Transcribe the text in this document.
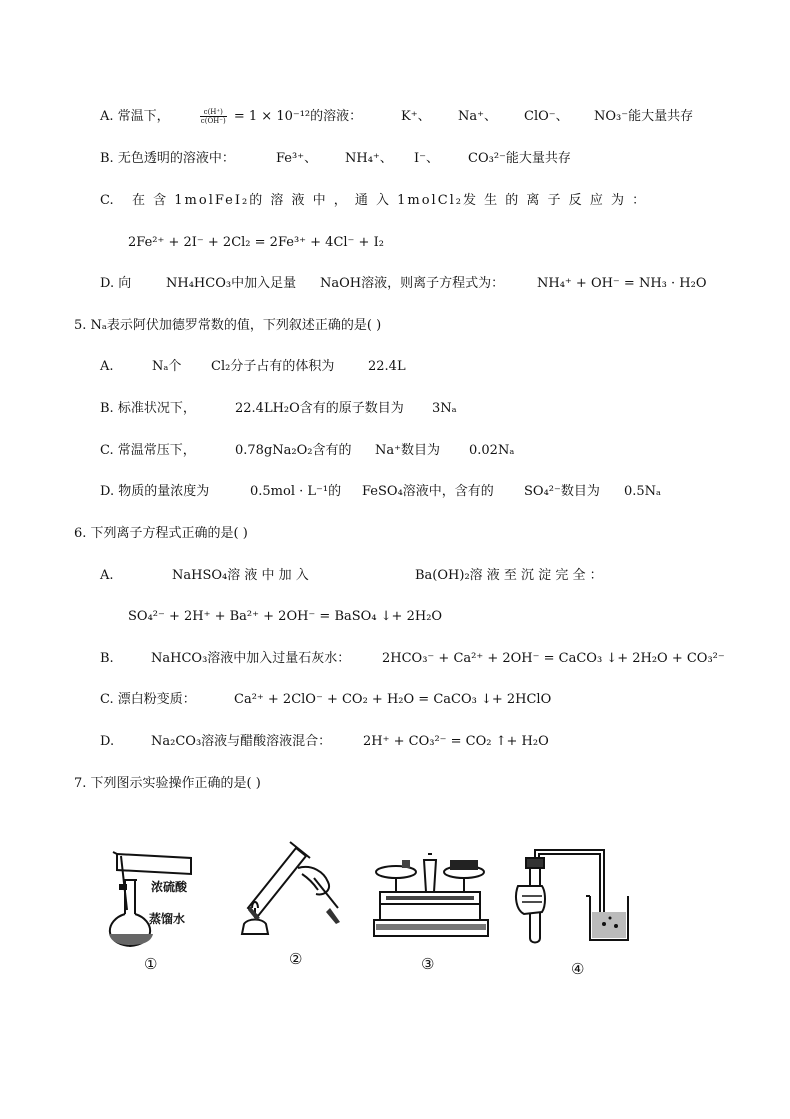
A. 常温下，	$\frac{c(H^+)}{c(OH^-)} = 1 \times 10^{-12}$的溶液：	K⁺、 Na⁺、 ClO⁻、 NO₃⁻能大量共存
B. 无色透明的溶液中：	Fe³⁺、 NH₄⁺、 I⁻、 CO₃²⁻能大量共存
C. 在 含 1molFeI₂的 溶 液 中 ， 通 入 1molCl₂发 生 的 离 子 反 应 为 ：
2Fe²⁺ + 2I⁻ + 2Cl₂ = 2Fe³⁺ + 4Cl⁻ + I₂
D. 向	NH₄HCO₃中加入足量 NaOH溶液，则离子方程式为：	NH₄⁺ + OH⁻ = NH₃ · H₂O
5. Nₐ表示阿伏加德罗常数的值，下列叙述正确的是( )
A.	Nₐ个 Cl₂分子占有的体积为	22.4L
B. 标准状况下，	22.4LH₂O含有的原子数目为 3Nₐ
C. 常温常压下，	0.78gNa₂O₂含有的 Na⁺数目为 0.02Nₐ
D. 物质的量浓度为	0.5mol · L⁻¹的 FeSO₄溶液中，含有的 SO₄²⁻数目为 0.5Nₐ
6. 下列离子方程式正确的是( )
A.	NaHSO₄溶 液 中 加 入	Ba(OH)₂溶 液 至 沉 淀 完 全 ：
SO₄²⁻ + 2H⁺ + Ba²⁺ + 2OH⁻ = BaSO₄ ↓+ 2H₂O
B.	NaHCO₃溶液中加入过量石灰水： 2HCO₃⁻ + Ca²⁺ + 2OH⁻ = CaCO₃ ↓+ 2H₂O + CO₃²⁻
C. 漂白粉变质：	Ca²⁺ + 2ClO⁻ + CO₂ + H₂O = CaCO₃ ↓+ 2HClO
D.	Na₂CO₃溶液与醋酸溶液混合： 2H⁺ + CO₃²⁻ = CO₂ ↑+ H₂O
7. 下列图示实验操作正确的是( )
浓硫酸
蒸馏水
①	②	③	④
